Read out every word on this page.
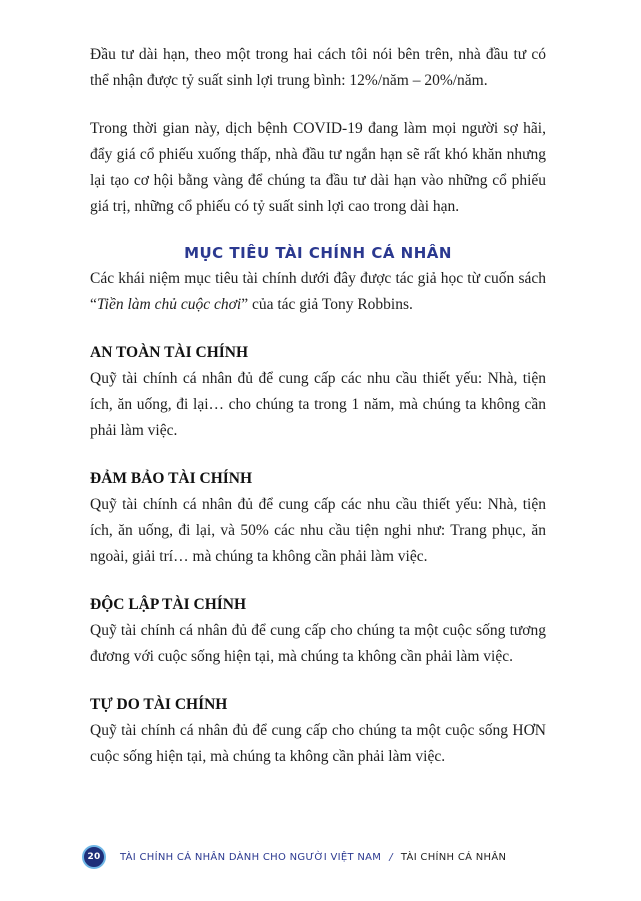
Đầu tư dài hạn, theo một trong hai cách tôi nói bên trên, nhà đầu tư có thể nhận được tỷ suất sinh lợi trung bình: 12%/năm – 20%/năm.

Trong thời gian này, dịch bệnh COVID-19 đang làm mọi người sợ hãi, đẩy giá cổ phiếu xuống thấp, nhà đầu tư ngắn hạn sẽ rất khó khăn nhưng lại tạo cơ hội bằng vàng để chúng ta đầu tư dài hạn vào những cổ phiếu giá trị, những cổ phiếu có tỷ suất sinh lợi cao trong dài hạn.

MỤC TIÊU TÀI CHÍNH CÁ NHÂN

Các khái niệm mục tiêu tài chính dưới đây được tác giả học từ cuốn sách “Tiền làm chủ cuộc chơi” của tác giả Tony Robbins.

AN TOÀN TÀI CHÍNH

Quỹ tài chính cá nhân đủ để cung cấp các nhu cầu thiết yếu: Nhà, tiện ích, ăn uống, đi lại… cho chúng ta trong 1 năm, mà chúng ta không cần phải làm việc.

ĐẢM BẢO TÀI CHÍNH

Quỹ tài chính cá nhân đủ để cung cấp các nhu cầu thiết yếu: Nhà, tiện ích, ăn uống, đi lại, và 50% các nhu cầu tiện nghi như: Trang phục, ăn ngoài, giải trí… mà chúng ta không cần phải làm việc.

ĐỘC LẬP TÀI CHÍNH

Quỹ tài chính cá nhân đủ để cung cấp cho chúng ta một cuộc sống tương đương với cuộc sống hiện tại, mà chúng ta không cần phải làm việc.

TỰ DO TÀI CHÍNH

Quỹ tài chính cá nhân đủ để cung cấp cho chúng ta một cuộc sống HƠN cuộc sống hiện tại, mà chúng ta không cần phải làm việc.

20	TÀI CHÍNH CÁ NHÂN DÀNH CHO NGƯỜI VIỆT NAM / TÀI CHÍNH CÁ NHÂN
